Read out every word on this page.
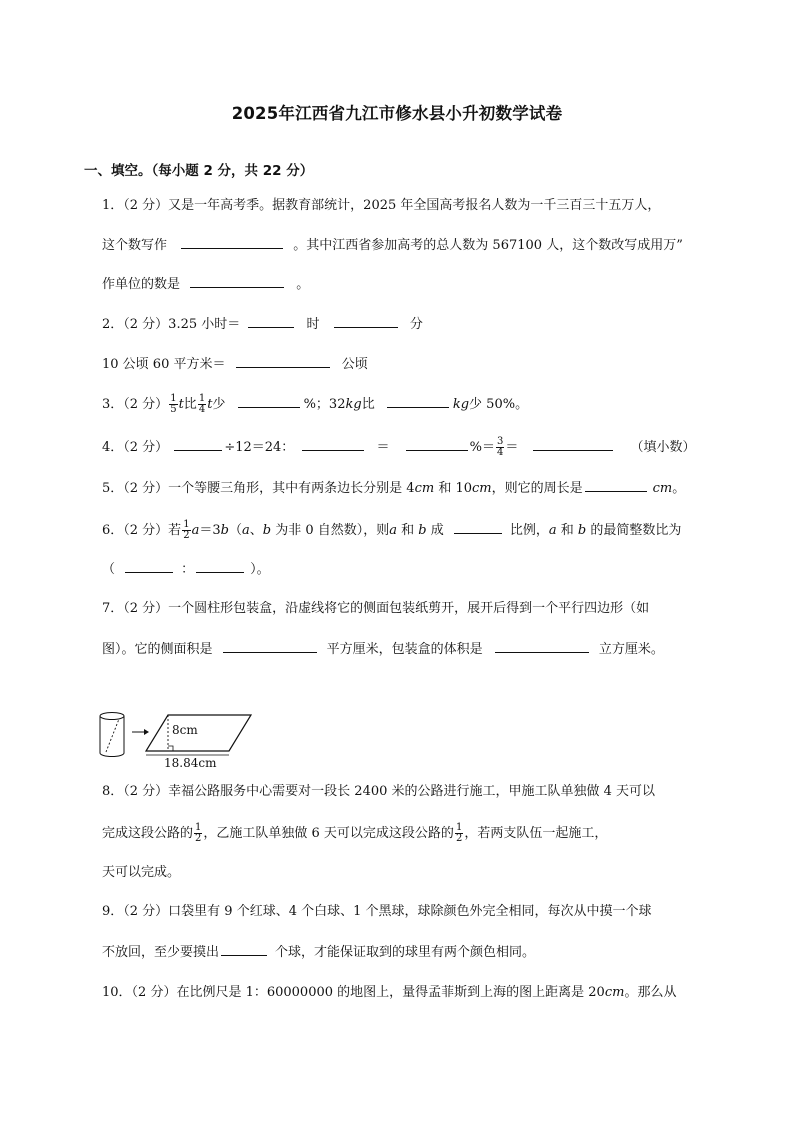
2025年江西省九江市修水县小升初数学试卷
一、填空。（每小题 2 分，共 22 分）
1．（2 分）又是一年高考季。据教育部统计，2025 年全国高考报名人数为一千三百三十五万人，
这个数写作	。其中江西省参加高考的总人数为 567100 人，这个数改写成用万”
作单位的数是	。
2．（2 分）3.25 小时＝	时	分
10 公顷 60 平方米＝	公顷
3．（2 分） $\frac{1}{5}$ t比 $\frac{1}{4}$ t少	%；32kg比	kg少 50%。
4．（2 分）	÷12＝24：	＝	%＝ $\frac{3}{4}$ ＝	（填小数）
5．（2 分）一个等腰三角形，其中有两条边长分别是 4cm 和 10cm，则它的周长是	cm。
6．（2 分）若 $\frac{1}{2} a=3b(a$、b 为非 0 自然数），则a 和 b 成	比例，a 和 b 的最简整数比为
（	：	）。
7．（2 分）一个圆柱形包装盒，沿虚线将它的侧面包装纸剪开，展开后得到一个平行四边形（如
图）。它的侧面积是	平方厘米，包装盒的体积是	立方厘米。
8cm
18.84cm
8．（2 分）幸福公路服务中心需要对一段长 2400 米的公路进行施工，甲施工队单独做 4 天可以
完成这段公路的 $\frac{1}{2}$ ，乙施工队单独做 6 天可以完成这段公路的 $\frac{1}{2}$ ，若两支队伍一起施工，
天可以完成。
9．（2 分）口袋里有 9 个红球、4 个白球、1 个黑球，球除颜色外完全相同，每次从中摸一个球
不放回，至少要摸出	个球，才能保证取到的球里有两个颜色相同。
10．（2 分）在比例尺是 1：60000000 的地图上，量得孟菲斯到上海的图上距离是 20cm。那么从
